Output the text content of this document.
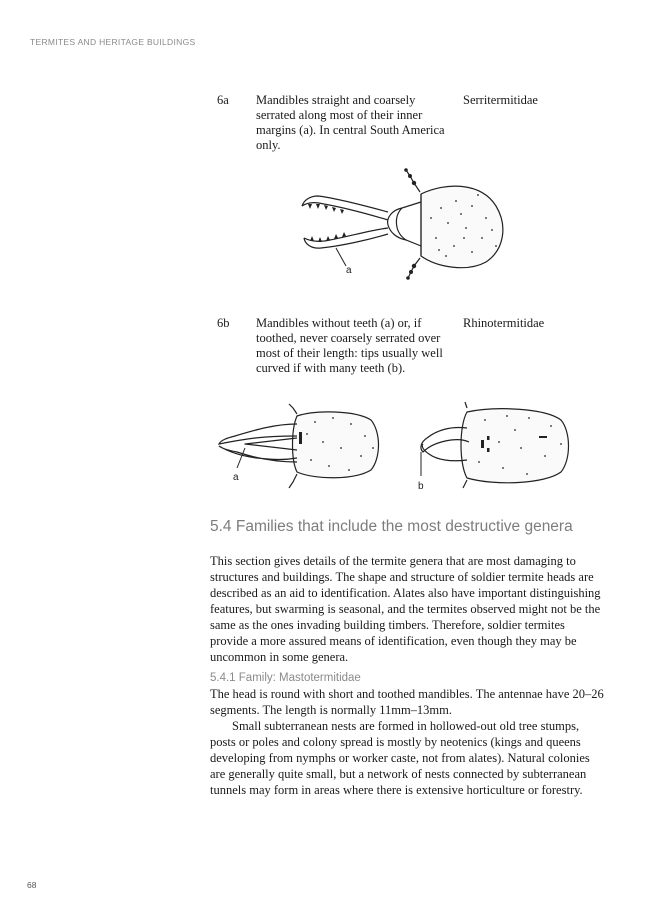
TERMITES AND HERITAGE BUILDINGS
6a Mandibles straight and coarsely serrated along most of their inner margins (a). In central South America only.
Serritermitidae
a
6b Mandibles without teeth (a) or, if toothed, never coarsely serrated over most of their length: tips usually well curved if with many teeth (b).
Rhinotermitidae
a
b
5.4 Families that include the most destructive genera

This section gives details of the termite genera that are most damaging to structures and buildings. The shape and structure of soldier termite heads are described as an aid to identification. Alates also have important distinguishing features, but swarming is seasonal, and the termites observed might not be the same as the ones invading building timbers. Therefore, soldier termites provide a more assured means of identification, even though they may be uncommon in some genera.

5.4.1 Family: Mastotermitidae

The head is round with short and toothed mandibles. The antennae have 20–26 segments. The length is normally 11mm–13mm.

Small subterranean nests are formed in hollowed-out old tree stumps, posts or poles and colony spread is mostly by neotenics (kings and queens developing from nymphs or worker caste, not from alates). Natural colonies are generally quite small, but a network of nests connected by subterranean tunnels may form in areas where there is extensive horticulture or forestry.

68
